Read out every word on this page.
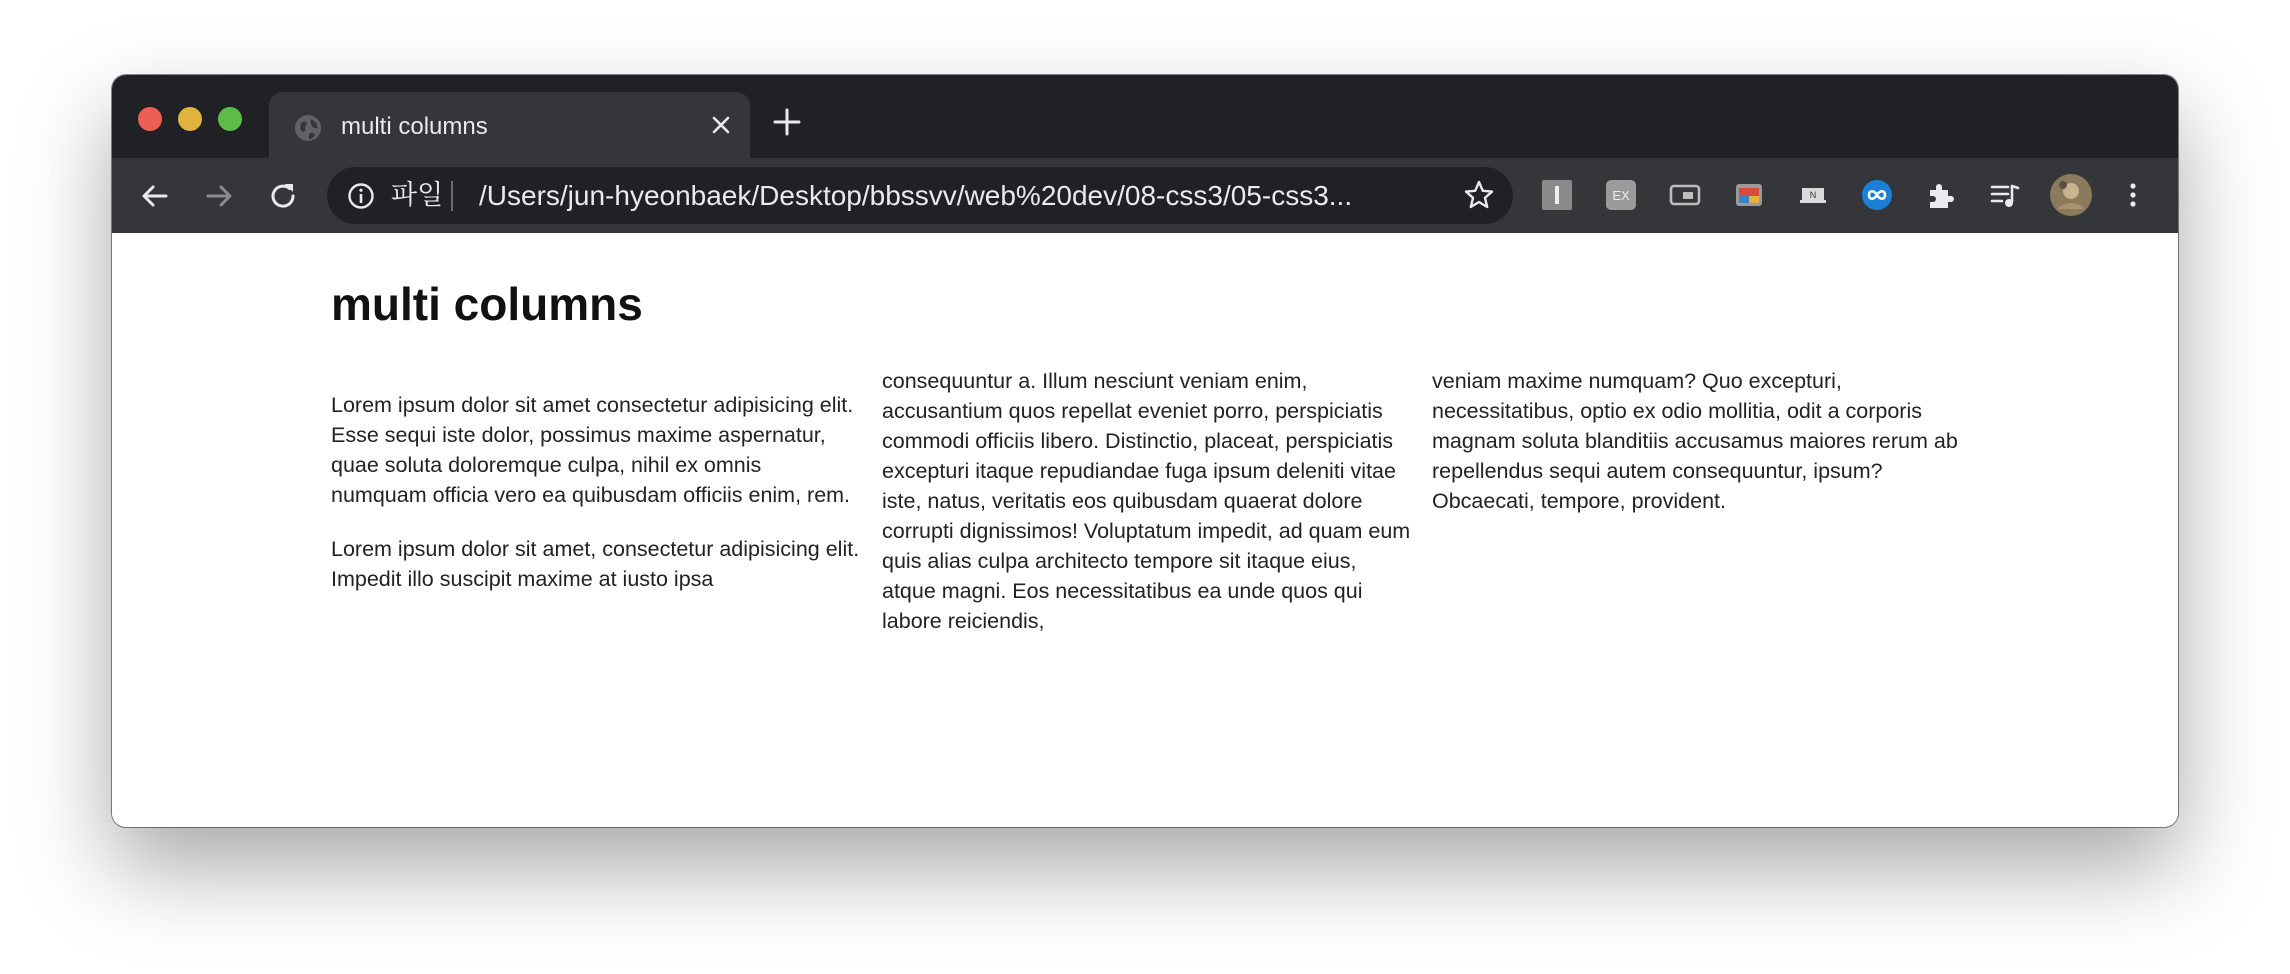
multi columns
파일 /Users/jun-hyeonbaek/Desktop/bbssvv/web%20dev/08-css3/05-css3...	EX	N
multi columns

Lorem ipsum dolor sit amet consectetur adipisicing elit. Esse sequi iste dolor, possimus maxime aspernatur, quae soluta doloremque culpa, nihil ex omnis numquam officia vero ea quibusdam officiis enim, rem.

Lorem ipsum dolor sit amet, consectetur adipisicing elit. Impedit illo suscipit maxime at iusto ipsa

consequuntur a. Illum nesciunt veniam enim, accusantium quos repellat eveniet porro, perspiciatis commodi officiis libero. Distinctio, placeat, perspiciatis excepturi itaque repudiandae fuga ipsum deleniti vitae iste, natus, veritatis eos quibusdam quaerat dolore corrupti dignissimos! Voluptatum impedit, ad quam eum quis alias culpa architecto tempore sit itaque eius, atque magni. Eos necessitatibus ea unde quos qui labore reiciendis,

veniam maxime numquam? Quo excepturi, necessitatibus, optio ex odio mollitia, odit a corporis magnam soluta blanditiis accusamus maiores rerum ab repellendus sequi autem consequuntur, ipsum? Obcaecati, tempore, provident.
